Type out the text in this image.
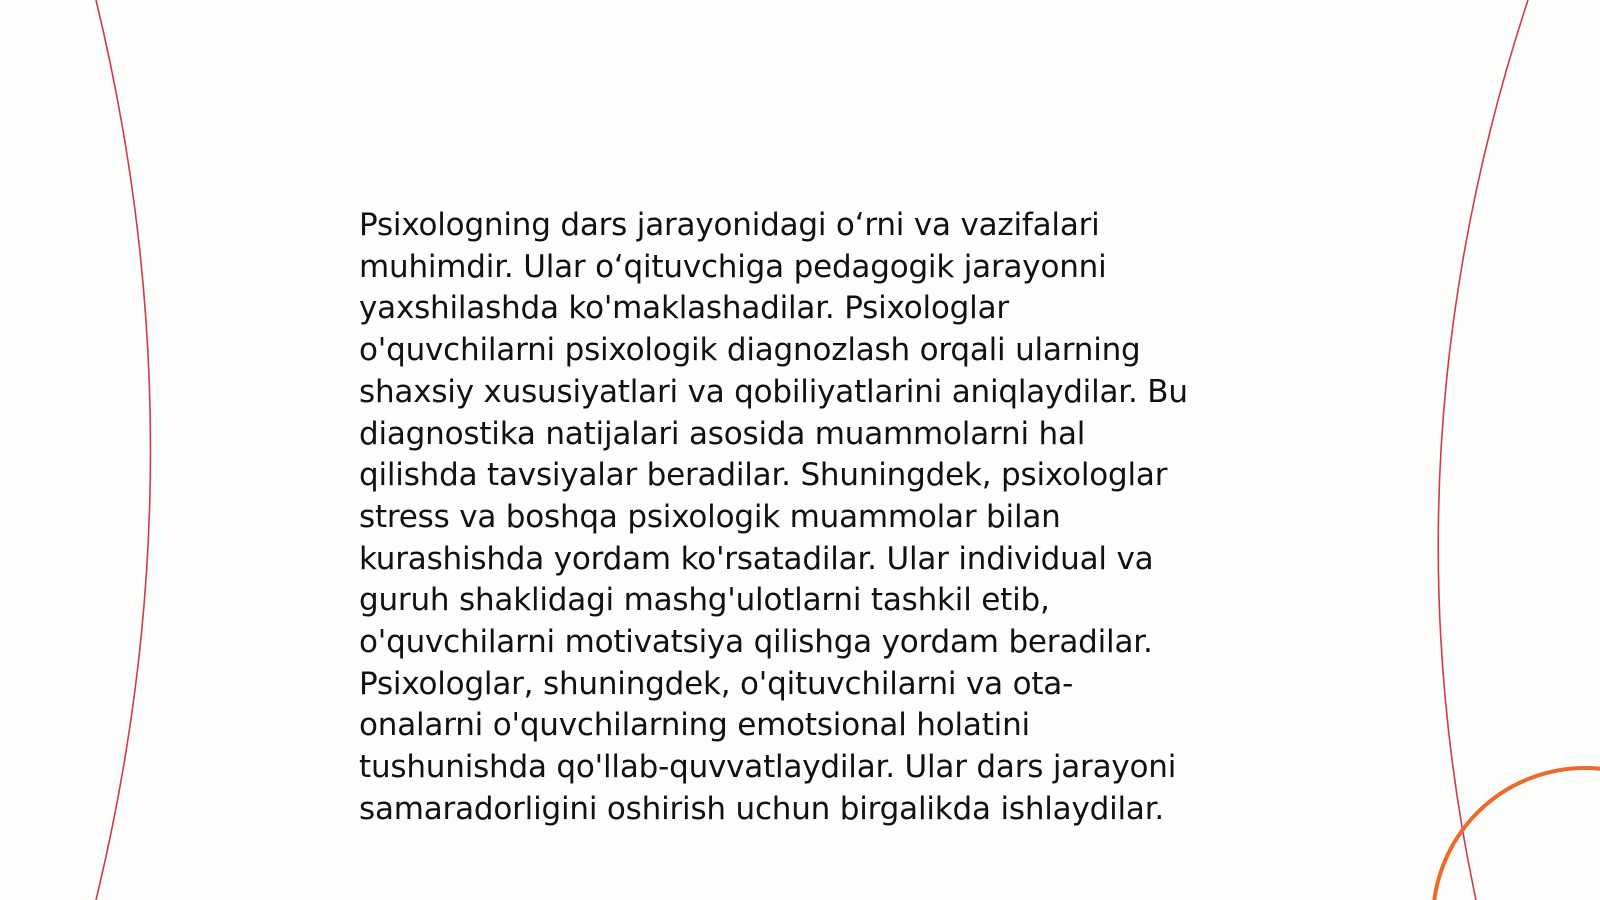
Psixologning dars jarayonidagi oʻrni va vazifalari
muhimdir. Ular oʻqituvchiga pedagogik jarayonni
yaxshilashda ko'maklashadilar. Psixologlar
o'quvchilarni psixologik diagnozlash orqali ularning
shaxsiy xususiyatlari va qobiliyatlarini aniqlaydilar. Bu
diagnostika natijalari asosida muammolarni hal
qilishda tavsiyalar beradilar. Shuningdek, psixologlar
stress va boshqa psixologik muammolar bilan
kurashishda yordam ko'rsatadilar. Ular individual va
guruh shaklidagi mashg'ulotlarni tashkil etib,
o'quvchilarni motivatsiya qilishga yordam beradilar.
Psixologlar, shuningdek, o'qituvchilarni va ota-
onalarni o'quvchilarning emotsional holatini
tushunishda qo'llab-quvvatlaydilar. Ular dars jarayoni
samaradorligini oshirish uchun birgalikda ishlaydilar.
